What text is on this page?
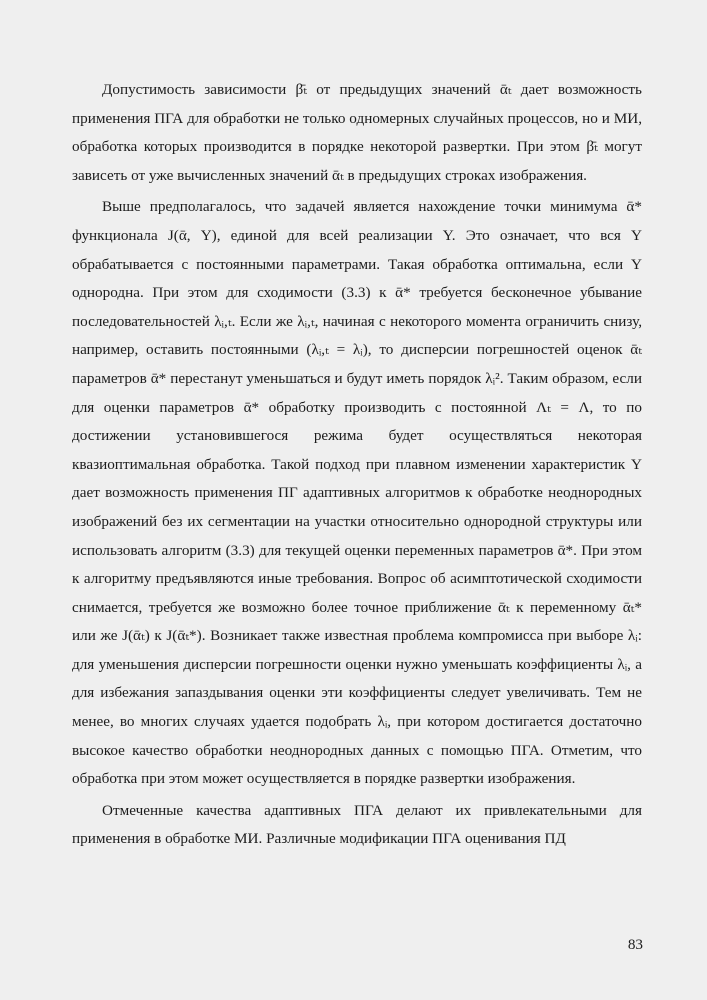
Допустимость зависимости β̄ₜ от предыдущих значений ᾱₜ дает возможность применения ПГА для обработки не только одномерных случайных процессов, но и МИ, обработка которых производится в порядке некоторой развертки. При этом β̄ₜ могут зависеть от уже вычисленных значений ᾱₜ в предыдущих строках изображения.

Выше предполагалось, что задачей является нахождение точки минимума ᾱ* функционала J(ᾱ, Y), единой для всей реализации Y. Это означает, что вся Y обрабатывается с постоянными параметрами. Такая обработка оптимальна, если Y однородна. При этом для сходимости (3.3) к ᾱ* требуется бесконечное убывание последовательностей λᵢ,ₜ. Если же λᵢ,ₜ, начиная с некоторого момента ограничить снизу, например, оставить постоянными (λᵢ,ₜ = λᵢ), то дисперсии погрешностей оценок ᾱₜ параметров ᾱ* перестанут уменьшаться и будут иметь порядок λᵢ². Таким образом, если для оценки параметров ᾱ* обработку производить с постоянной Λₜ = Λ, то по достижении установившегося режима будет осуществляться некоторая квазиоптимальная обработка. Такой подход при плавном изменении характеристик Y дает возможность применения ПГ адаптивных алгоритмов к обработке неоднородных изображений без их сегментации на участки относительно однородной структуры или использовать алгоритм (3.3) для текущей оценки переменных параметров ᾱ*. При этом к алгоритму предъявляются иные требования. Вопрос об асимптотической сходимости снимается, требуется же возможно более точное приближение ᾱₜ к переменному ᾱₜ* или же J(ᾱₜ) к J(ᾱₜ*). Возникает также известная проблема компромисса при выборе λᵢ: для уменьшения дисперсии погрешности оценки нужно уменьшать коэффициенты λᵢ, а для избежания запаздывания оценки эти коэффициенты следует увеличивать. Тем не менее, во многих случаях удается подобрать λᵢ, при котором достигается достаточно высокое качество обработки неоднородных данных с помощью ПГА. Отметим, что обработка при этом может осуществляется в порядке развертки изображения.

Отмеченные качества адаптивных ПГА делают их привлекательными для применения в обработке МИ. Различные модификации ПГА оценивания ПД

83
